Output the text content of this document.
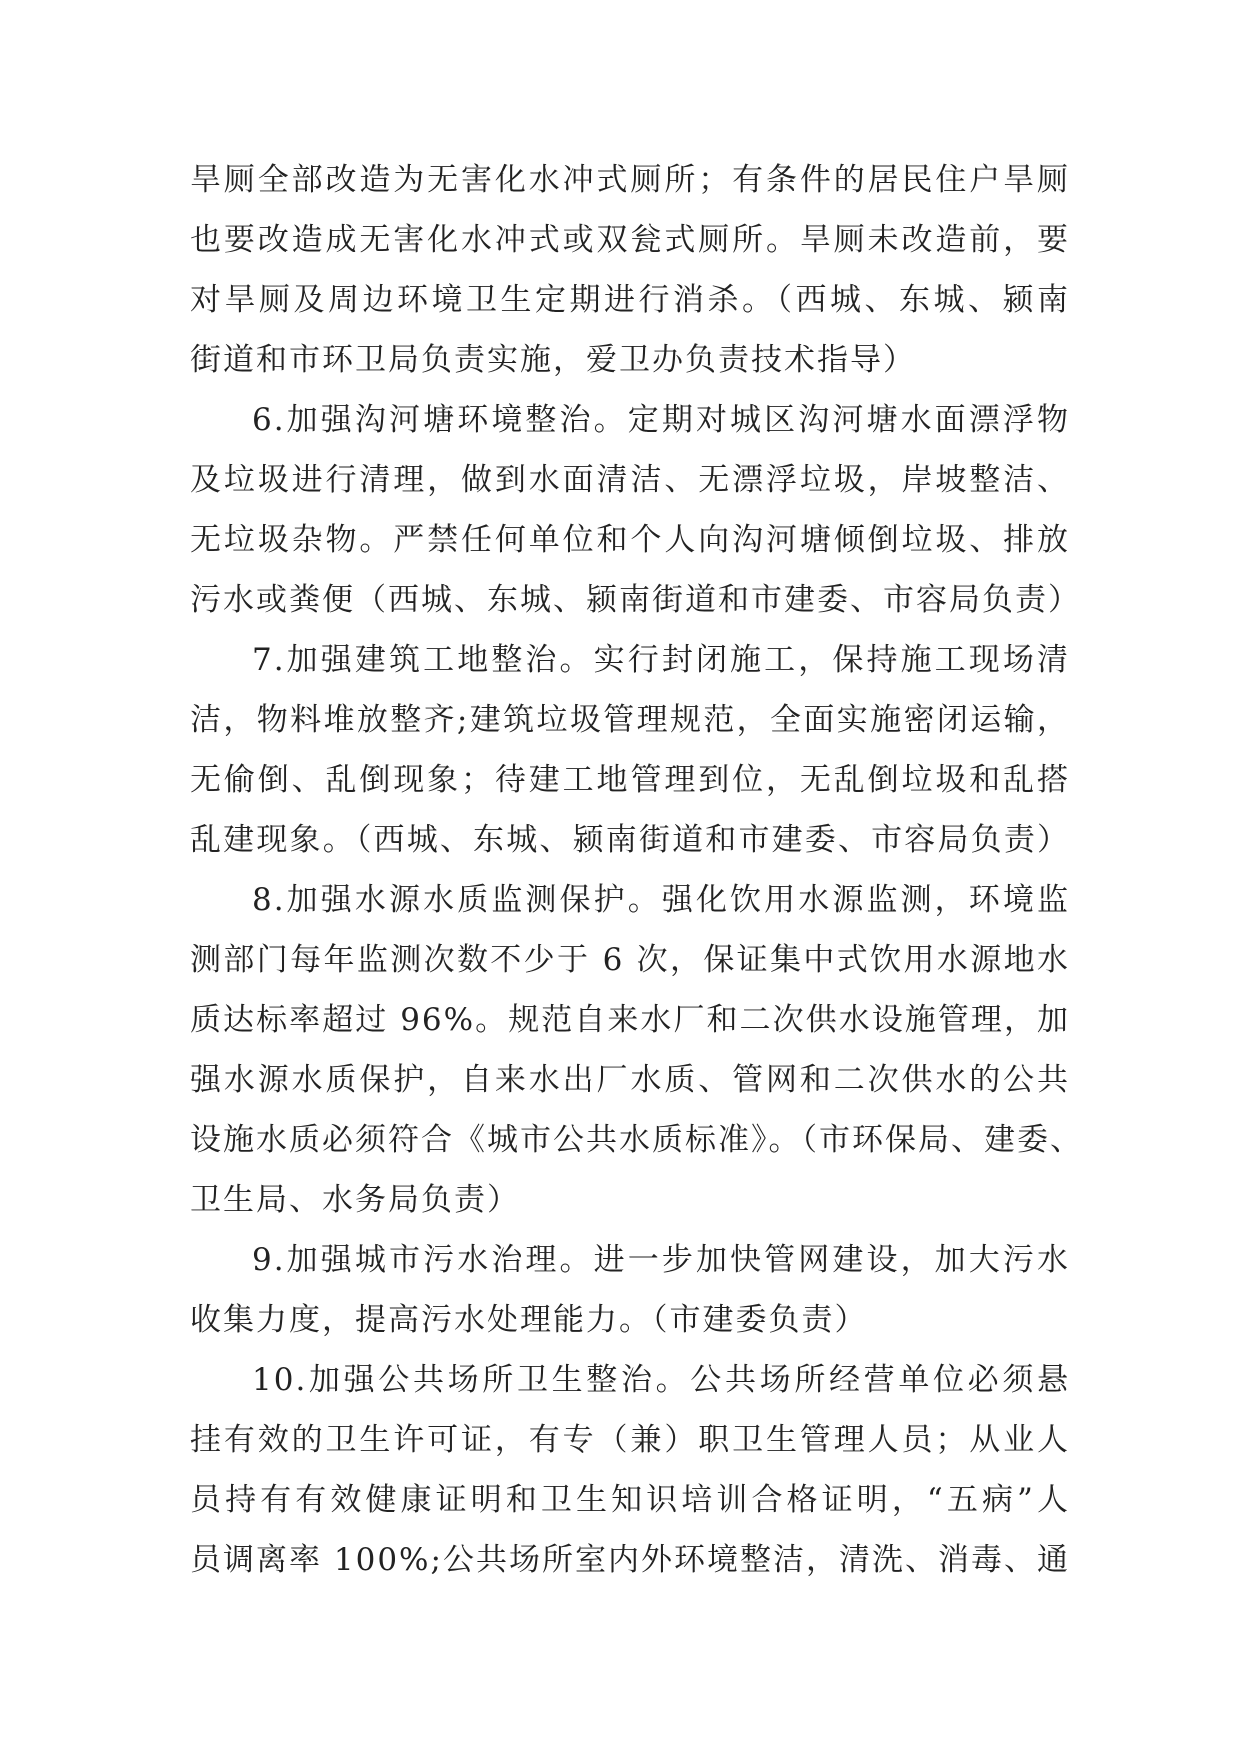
旱厕全部改造为无害化水冲式厕所；有条件的居民住户旱厕
也要改造成无害化水冲式或双瓮式厕所。旱厕未改造前，要
对旱厕及周边环境卫生定期进行消杀。（西城、东城、颍南
街道和市环卫局负责实施，爱卫办负责技术指导）
6.加强沟河塘环境整治。定期对城区沟河塘水面漂浮物
及垃圾进行清理，做到水面清洁、无漂浮垃圾，岸坡整洁、
无垃圾杂物。严禁任何单位和个人向沟河塘倾倒垃圾、排放
污水或粪便（西城、东城、颍南街道和市建委、市容局负责）
7.加强建筑工地整治。实行封闭施工，保持施工现场清
洁，物料堆放整齐;建筑垃圾管理规范，全面实施密闭运输，
无偷倒、乱倒现象；待建工地管理到位，无乱倒垃圾和乱搭
乱建现象。（西城、东城、颍南街道和市建委、市容局负责）
8.加强水源水质监测保护。强化饮用水源监测，环境监
测部门每年监测次数不少于 6 次，保证集中式饮用水源地水
质达标率超过 96%。规范自来水厂和二次供水设施管理，加
强水源水质保护，自来水出厂水质、管网和二次供水的公共
设施水质必须符合《城市公共水质标准》。（市环保局、建委、
卫生局、水务局负责）
9.加强城市污水治理。进一步加快管网建设，加大污水
收集力度，提高污水处理能力。（市建委负责）
10.加强公共场所卫生整治。公共场所经营单位必须悬
挂有效的卫生许可证，有专（兼）职卫生管理人员；从业人
员持有有效健康证明和卫生知识培训合格证明，“五病”人
员调离率 100%;公共场所室内外环境整洁，清洗、消毒、通
